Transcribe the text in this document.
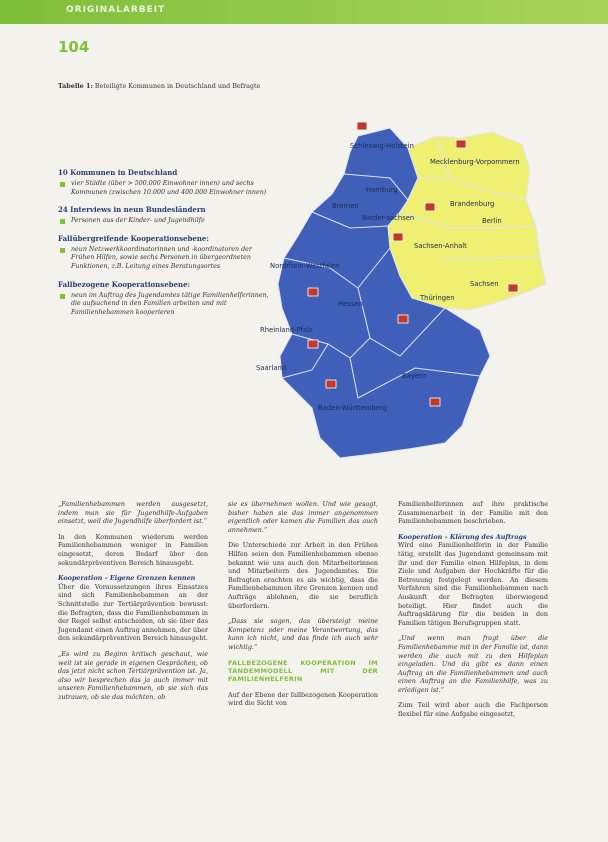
ORIGINALARBEIT
104
Tabelle 1: Beteiligte Kommunen in Deutschland und Befragte
10 Kommunen in Deutschland
vier Städte (über > 500.000 Einwohner innen) und sechs Kommunen (zwischen 10.000 und 400.000 Einwohner innen)
24 Interviews in neun Bundesländern
Personen aus der Kinder- und Jugendhilfe
Fallübergreifende Kooperationsebene:
neun Netzwerkkoordinatorinnen und -koordinatoren der Frühen Hilfen, sowie sechs Personen in übergeordneten Funktionen, z.B. Leitung eines Beratungsortes
Fallbezogene Kooperationsebene:
neun im Auftrag des Jugendamtes tätige Familienhelferinnen, die aufsuchend in den Familien arbeiten und mit Familienhebammen kooperieren
Schleswig-Holstein
Mecklenburg-Vorpommern
Hamburg
Bremen	Brandenburg
Berlin
Nieder-sachsen
Sachsen-Anhalt
Nordrhein-Westfalen
Sachsen
Thüringen
Hessen
Rheinland-Pfalz
Saarland
Bayern
Baden-Württemberg

„Familienhebammen werden ausgesetzt, indem man sie für Jugendhilfe-Aufgaben einsetzt, weil die Jugendhilfe überfordert ist.“

In den Kommunen wiederum werden Familienhebammen weniger in Familien eingesetzt, deren Bedarf über den sekundärpräventiven Bereich hinausgeht.

Kooperation – Eigene Grenzen kennen

Über die Voraussetzungen ihres Einsatzes sind sich Familienhebammen an der Schnittstelle zur Tertiärprävention bewusst: die Befragten, dass die Familienhebammen in der Regel selbst entscheiden, ob sie über das Jugendamt einen Auftrag annehmen, der über den sekundärpräventiven Bereich hinausgeht.

„Es wird zu Beginn kritisch geschaut, wie weit ist sie gerade in eigenen Gesprächen, ob das jetzt nicht schon Tertiärprävention ist. Ja, also wir besprechen das ja auch immer mit unseren Familienhebammen, ob sie sich das zutrauen, ob sie das möchten, ob

sie es übernehmen wollen. Und wie gesagt, bisher haben sie das immer angenommen eigentlich oder kamen die Familien das auch annehmen.“

Die Unterschiede zur Arbeit in den Frühen Hilfen seien den Familienhebammen ebenso bekannt wie uns auch den Mitarbeiterinnen und Mitarbeitern des Jugendamtes. Die Befragten erachten es als wichtig, dass die Familienhebammen ihre Grenzen kennen und Aufträge ablehnen, die sie beruflich überfordern.

„Dass sie sagen, das übersteigt meine Kompetenz oder meine Verantwortung, das kann ich nicht, und das finde ich auch sehr wichtig.“

FALLBEZOGENE KOOPERATION IM TANDEMMODELL MIT DER FAMILIENHELFERIN

Auf der Ebene der fallbezogenen Kooperation wird die Sicht von

Familienhelferinnen auf ihre praktische Zusammenarbeit in der Familie mit den Familienhebammen beschrieben.

Kooperation – Klärung des Auftrags

Wird eine Familienhelferin in der Familie tätig, erstellt das Jugendamt gemeinsam mit ihr und der Familie einen Hilfeplan, in dem Ziele und Aufgaben der Hochkräfte für die Betreuung festgelegt werden. An diesem Verfahren sind die Familienhebammen nach Auskunft der Befragten überwiegend beteiligt. Hier findet auch die Auftragsklärung für die beiden in den Familien tätigen Berufsgruppen statt.

„Und wenn man fragt über die Familienhebamme mit in der Familie ist, dann werden die auch mit zu den Hilfeplan eingeladen. Und da gibt es dann einen Auftrag an die Familienhebammen und auch einen Auftrag an die Familienhilfe, was zu erledigen ist.“

Zum Teil wird aber auch die Fachperson flexibel für eine Aufgabe eingesetzt,
